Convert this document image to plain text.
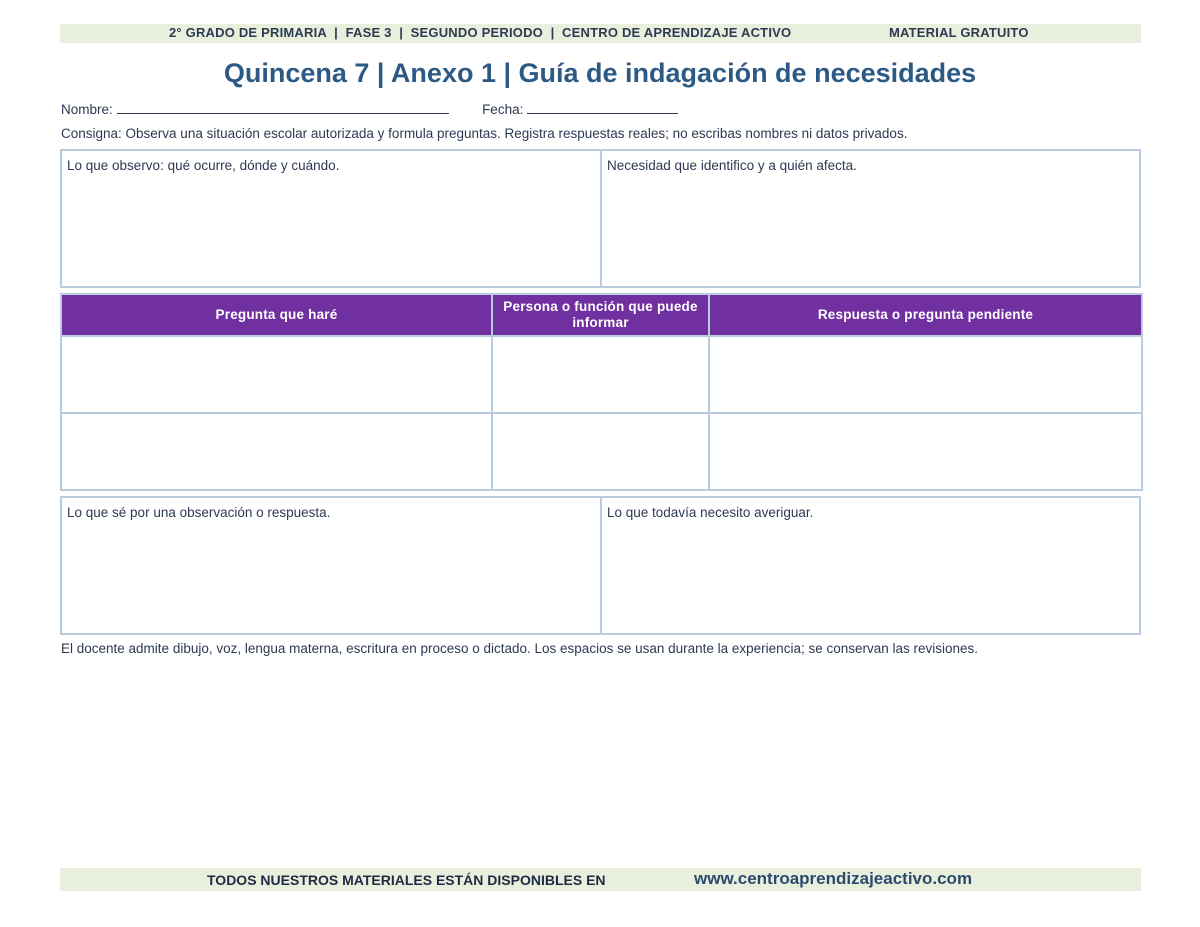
2° GRADO DE PRIMARIA  |  FASE 3  |  SEGUNDO PERIODO  |  CENTRO DE APRENDIZAJE ACTIVO	MATERIAL GRATUITO
Quincena 7 | Anexo 1 | Guía de indagación de necesidades
Nombre:	Fecha:
Consigna: Observa una situación escolar autorizada y formula preguntas. Registra respuestas reales; no escribas nombres ni datos privados.
Lo que observo: qué ocurre, dónde y cuándo.	Necesidad que identifico y a quién afecta.
Pregunta que haré	Persona o función que puede informar	Respuesta o pregunta pendiente

Lo que sé por una observación o respuesta.	Lo que todavía necesito averiguar.
El docente admite dibujo, voz, lengua materna, escritura en proceso o dictado. Los espacios se usan durante la experiencia; se conservan las revisiones.
TODOS NUESTROS MATERIALES ESTÁN DISPONIBLES EN	www.centroaprendizajeactivo.com
